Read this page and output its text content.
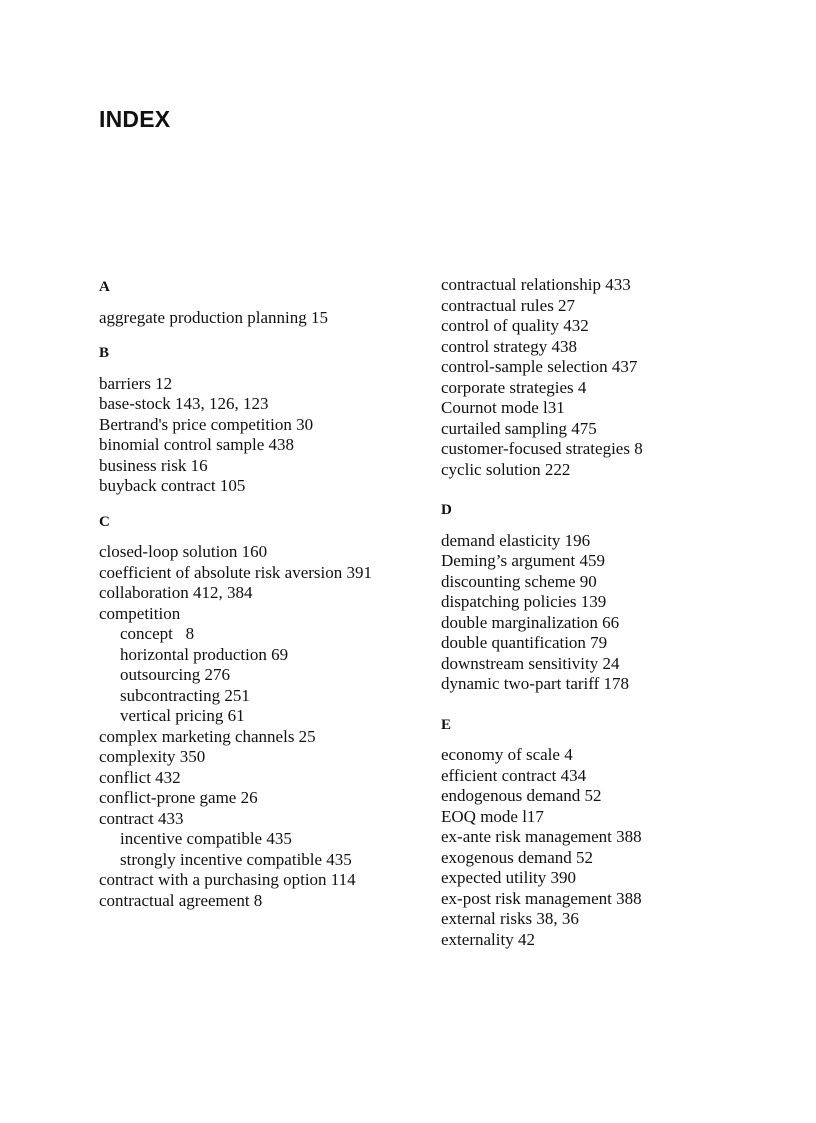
INDEX
A
aggregate production planning 15
B
barriers 12
base-stock 143, 126, 123
Bertrand's price competition 30
binomial control sample 438
business risk 16
buyback contract 105
C
closed-loop solution 160
coefficient of absolute risk aversion 391
collaboration 412, 384
competition
concept   8
horizontal production 69
outsourcing 276
subcontracting 251
vertical pricing 61
complex marketing channels 25
complexity 350
conflict 432
conflict-prone game 26
contract 433
incentive compatible 435
strongly incentive compatible 435
contract with a purchasing option 114
contractual agreement 8
contractual relationship 433
contractual rules 27
control of quality 432
control strategy 438
control-sample selection 437
corporate strategies 4
Cournot mode l31
curtailed sampling 475
customer-focused strategies 8
cyclic solution 222
D
demand elasticity 196
Deming’s argument 459
discounting scheme 90
dispatching policies 139
double marginalization 66
double quantification 79
downstream sensitivity 24
dynamic two-part tariff 178
E
economy of scale 4
efficient contract 434
endogenous demand 52
EOQ mode l17
ex-ante risk management 388
exogenous demand 52
expected utility 390
ex-post risk management 388
external risks 38, 36
externality 42
